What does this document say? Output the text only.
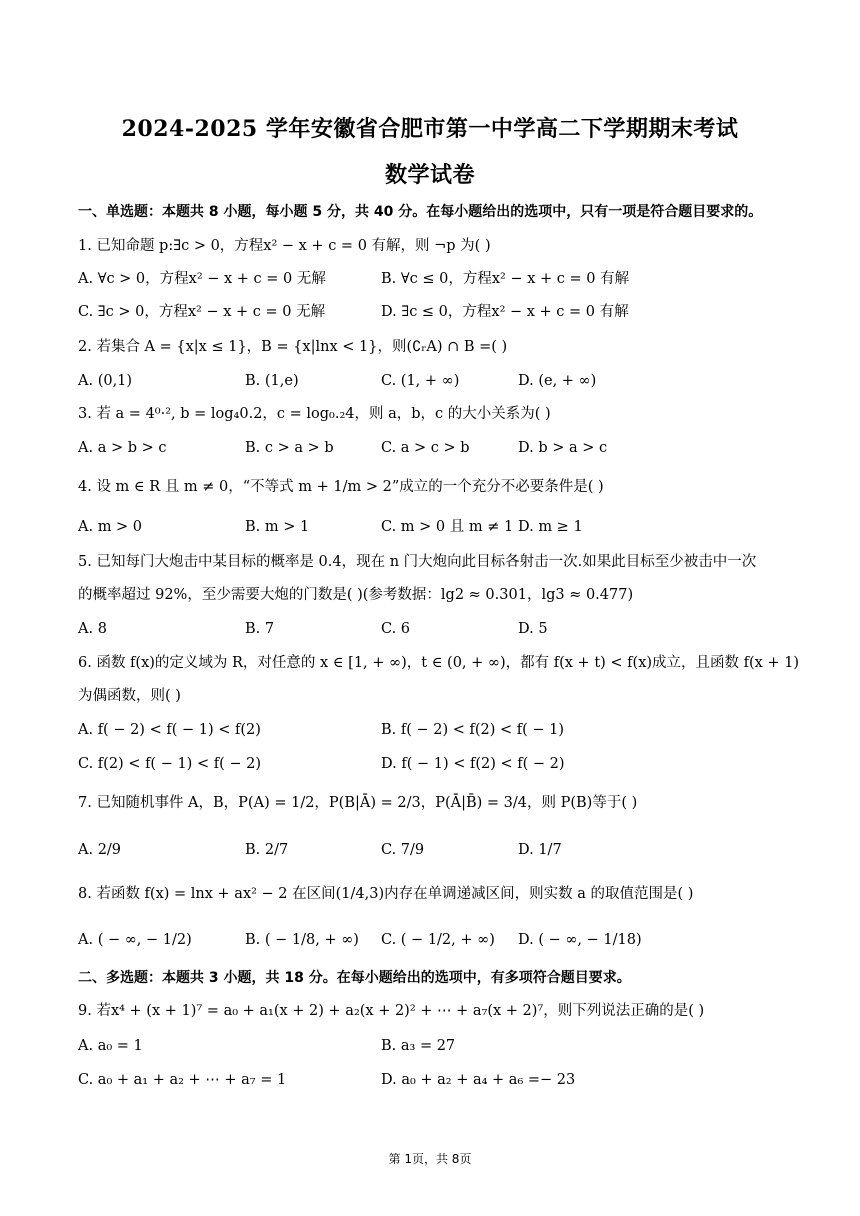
2024-2025 学年安徽省合肥市第一中学高二下学期期末考试
数学试卷
一、单选题：本题共 8 小题，每小题 5 分，共 40 分。在每小题给出的选项中，只有一项是符合题目要求的。
1. 已知命题 p:∃c > 0，方程x² − x + c = 0 有解，则 ¬p 为( )
A. ∀c > 0，方程x² − x + c = 0 无解	B. ∀c ≤ 0，方程x² − x + c = 0 有解
C. ∃c > 0，方程x² − x + c = 0 无解	D. ∃c ≤ 0，方程x² − x + c = 0 有解
2. 若集合 A = {x|x ≤ 1}，B = {x|lnx < 1}，则(∁ᵣA) ∩ B =( )
A. (0,1)	B. (1,e)	C. (1, + ∞)	D. (e, + ∞)
3. 若 a = 4⁰·², b = log₄0.2，c = log₀.₂4，则 a，b，c 的大小关系为( )
A. a > b > c	B. c > a > b	C. a > c > b	D. b > a > c
4. 设 m ∈ R 且 m ≠ 0，“不等式 m + 1/m > 2”成立的一个充分不必要条件是( )
A. m > 0	B. m > 1	C. m > 0 且 m ≠ 1 D. m ≥ 1
5. 已知每门大炮击中某目标的概率是 0.4，现在 n 门大炮向此目标各射击一次.如果此目标至少被击中一次
的概率超过 92%，至少需要大炮的门数是( )(参考数据：lg2 ≈ 0.301，lg3 ≈ 0.477)
A. 8	B. 7	C. 6	D. 5
6. 函数 f(x)的定义域为 R，对任意的 x ∈ [1, + ∞)，t ∈ (0, + ∞)，都有 f(x + t) < f(x)成立，且函数 f(x + 1)
为偶函数，则( )
A. f( − 2) < f( − 1) < f(2)	B. f( − 2) < f(2) < f( − 1)
C. f(2) < f( − 1) < f( − 2)	D. f( − 1) < f(2) < f( − 2)
7. 已知随机事件 A，B，P(A) = 1/2，P(B|Ā) = 2/3，P(Ā|B̄) = 3/4，则 P(B)等于( )
A. 2/9	B. 2/7	C. 7/9	D. 1/7
8. 若函数 f(x) = lnx + ax² − 2 在区间(1/4,3)内存在单调递减区间，则实数 a 的取值范围是( )
A. ( − ∞, − 1/2)	B. ( − 1/8, + ∞) C. ( − 1/2, + ∞) D. ( − ∞, − 1/18)
二、多选题：本题共 3 小题，共 18 分。在每小题给出的选项中，有多项符合题目要求。
9. 若x⁴ + (x + 1)⁷ = a₀ + a₁(x + 2) + a₂(x + 2)² + ⋯ + a₇(x + 2)⁷，则下列说法正确的是( )
A. a₀ = 1	B. a₃ = 27
C. a₀ + a₁ + a₂ + ⋯ + a₇ = 1	D. a₀ + a₂ + a₄ + a₆ =− 23
第 1页，共 8页
